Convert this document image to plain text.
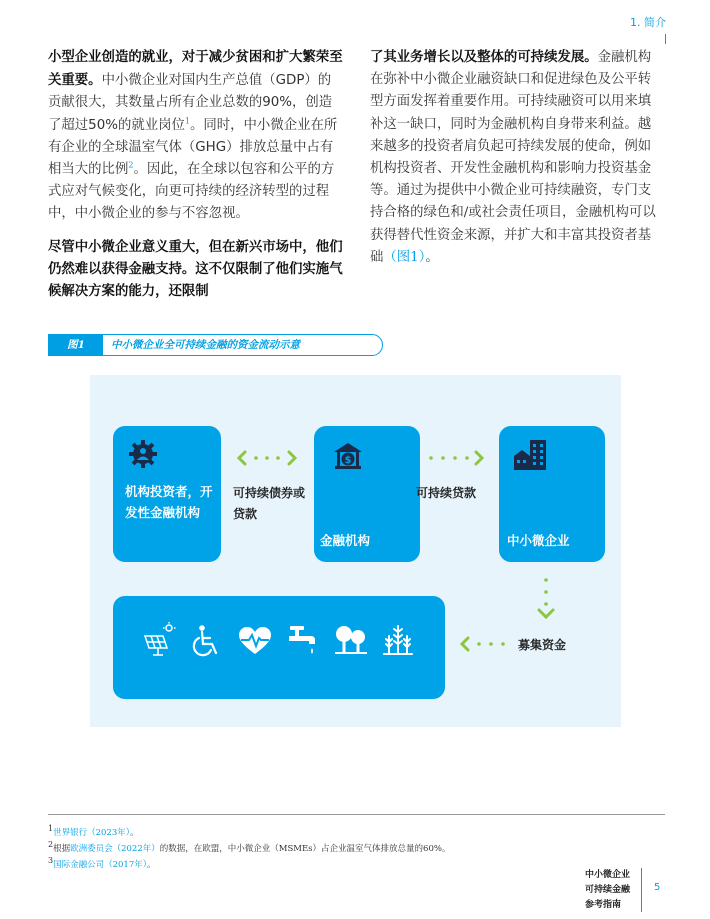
1. 简介

小型企业创造的就业，对于减少贫困和扩大繁荣至关重要。中小微企业对国内生产总值（GDP）的贡献很大，其数量占所有企业总数的90%，创造了超过50%的就业岗位$^1$。同时，中小微企业在所有企业的全球温室气体（GHG）排放总量中占有相当大的比例$^2$。因此，在全球以包容和公平的方式应对气候变化，向更可持续的经济转型的过程中，中小微企业的参与不容忽视。

尽管中小微企业意义重大，但在新兴市场中，他们仍然难以获得金融支持。这不仅限制了他们实施气候解决方案的能力，还限制

了其业务增长以及整体的可持续发展。金融机构在弥补中小微企业融资缺口和促进绿色及公平转型方面发挥着重要作用。可持续融资可以用来填补这一缺口，同时为金融机构自身带来利益。越来越多的投资者肩负起可持续发展的使命，例如机构投资者、开发性金融机构和影响力投资基金等。通过为提供中小微企业可持续融资，专门支持合格的绿色和/或社会责任项目，金融机构可以获得替代性资金来源，并扩大和丰富其投资者基础（图1）。

图1	中小微企业全可持续金融的资金流动示意
机构投资者，开发性金融机构
可持续债券或贷款
$
金融机构
可持续贷款
中小微企业
募集资金
$^1$世界银行（2023年）。
$^2$根据欧洲委员会（2022年）的数据，在欧盟，中小微企业（MSMEs）占企业温室气体排放总量的60%。
$^3$国际金融公司（2017年）。
中小微企业
可持续金融
参考指南
5
